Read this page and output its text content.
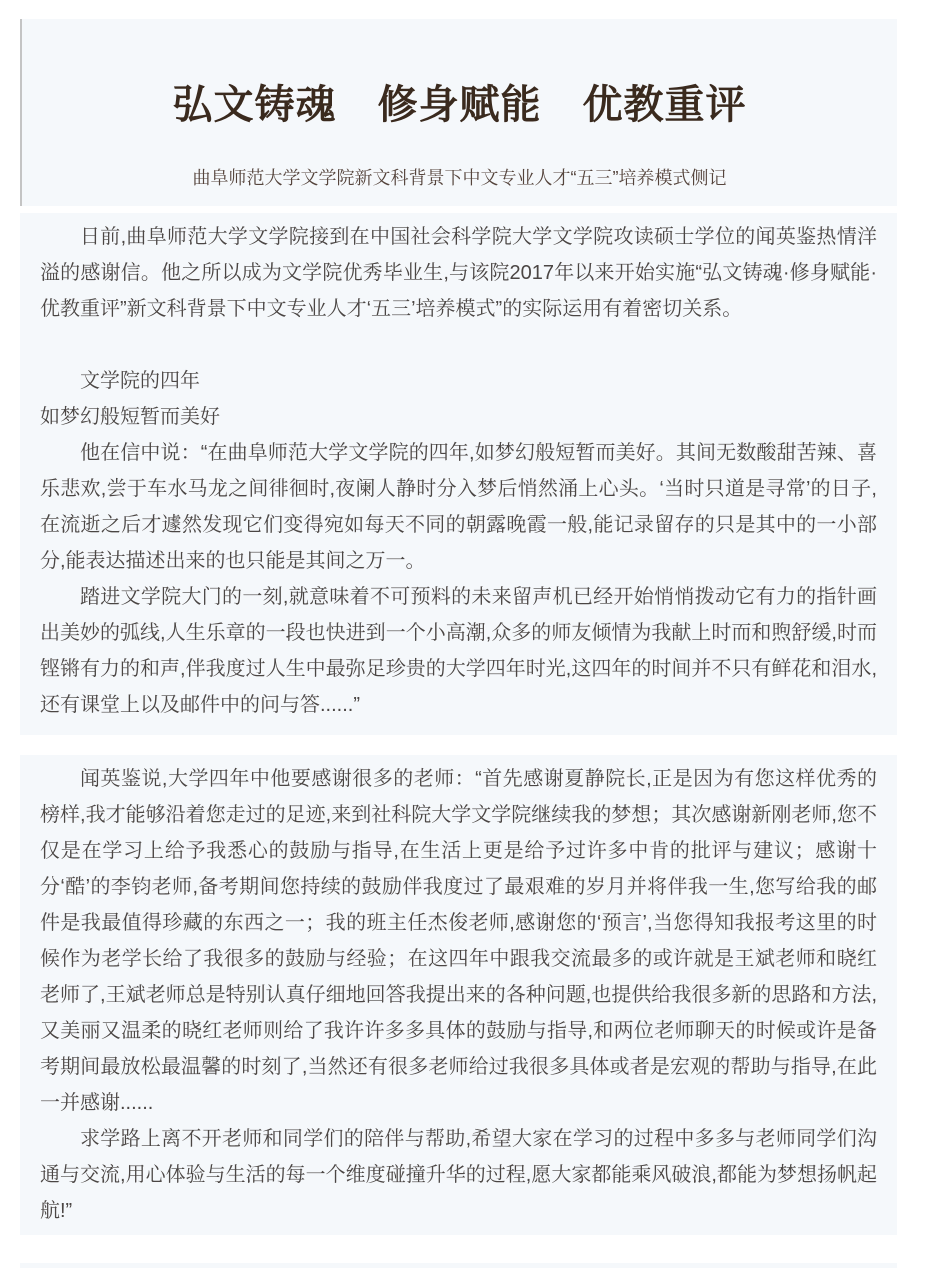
弘文铸魂　修身赋能　优教重评

曲阜师范大学文学院新文科背景下中文专业人才“五三”培养模式侧记

日前,曲阜师范大学文学院接到在中国社会科学院大学文学院攻读硕士学位的闻英鉴热情洋溢的感谢信。他之所以成为文学院优秀毕业生,与该院2017年以来开始实施“弘文铸魂·修身赋能·优教重评”新文科背景下中文专业人才‘五三’培养模式”的实际运用有着密切关系。

文学院的四年

如梦幻般短暂而美好

他在信中说：“在曲阜师范大学文学院的四年,如梦幻般短暂而美好。其间无数酸甜苦辣、喜乐悲欢,尝于车水马龙之间徘徊时,夜阑人静时分入梦后悄然涌上心头。‘当时只道是寻常’的日子,在流逝之后才遽然发现它们变得宛如每天不同的朝露晚霞一般,能记录留存的只是其中的一小部分,能表达描述出来的也只能是其间之万一。

踏进文学院大门的一刻,就意味着不可预料的未来留声机已经开始悄悄拨动它有力的指针画出美妙的弧线,人生乐章的一段也快进到一个小高潮,众多的师友倾情为我献上时而和煦舒缓,时而铿锵有力的和声,伴我度过人生中最弥足珍贵的大学四年时光,这四年的时间并不只有鲜花和泪水,还有课堂上以及邮件中的问与答......”

闻英鉴说,大学四年中他要感谢很多的老师：“首先感谢夏静院长,正是因为有您这样优秀的榜样,我才能够沿着您走过的足迹,来到社科院大学文学院继续我的梦想；其次感谢新刚老师,您不仅是在学习上给予我悉心的鼓励与指导,在生活上更是给予过许多中肯的批评与建议；感谢十分‘酷’的李钧老师,备考期间您持续的鼓励伴我度过了最艰难的岁月并将伴我一生,您写给我的邮件是我最值得珍藏的东西之一；我的班主任杰俊老师,感谢您的‘预言’,当您得知我报考这里的时候作为老学长给了我很多的鼓励与经验；在这四年中跟我交流最多的或许就是王斌老师和晓红老师了,王斌老师总是特别认真仔细地回答我提出来的各种问题,也提供给我很多新的思路和方法,又美丽又温柔的晓红老师则给了我许许多多具体的鼓励与指导,和两位老师聊天的时候或许是备考期间最放松最温馨的时刻了,当然还有很多老师给过我很多具体或者是宏观的帮助与指导,在此一并感谢......

求学路上离不开老师和同学们的陪伴与帮助,希望大家在学习的过程中多多与老师同学们沟通与交流,用心体验与生活的每一个维度碰撞升华的过程,愿大家都能乘风破浪,都能为梦想扬帆起航!”
